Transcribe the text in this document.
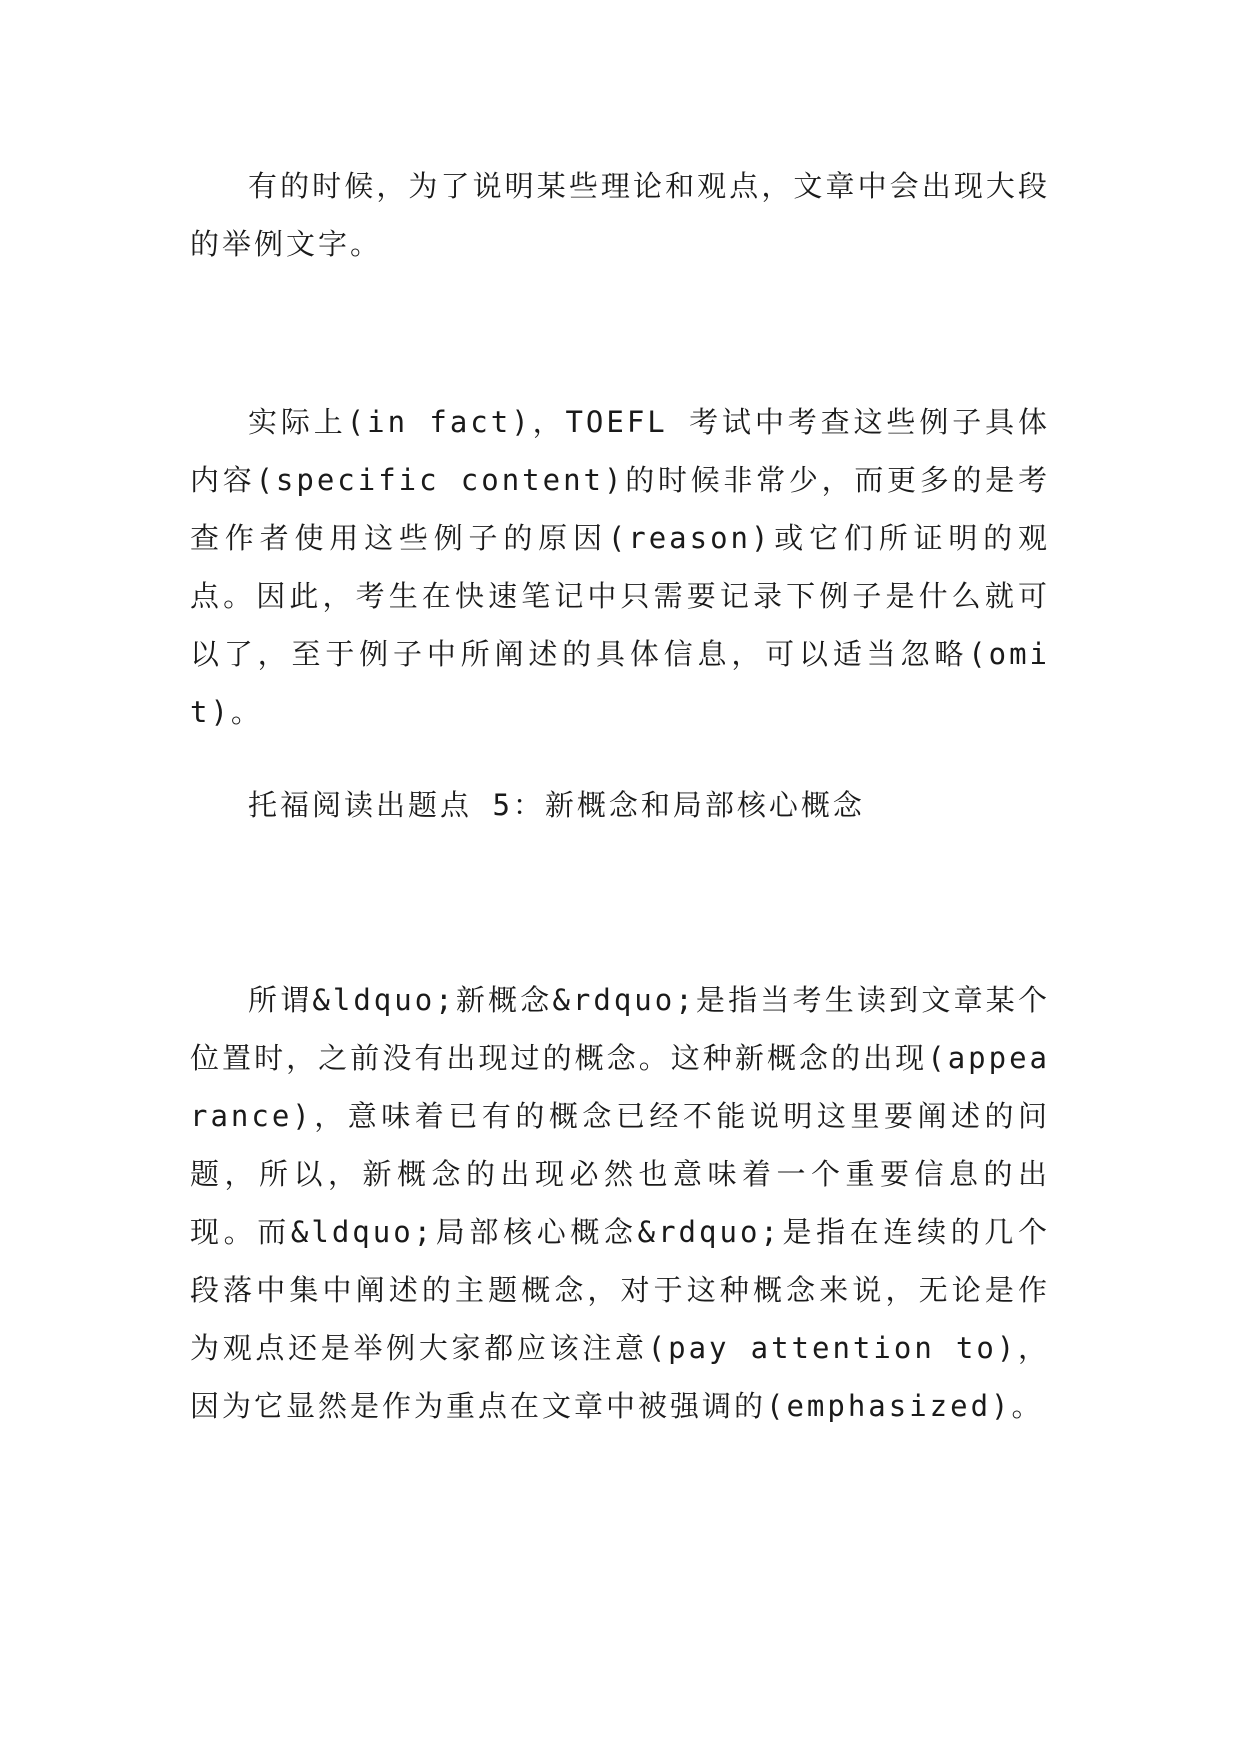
有的时候，为了说明某些理论和观点，文章中会出现大段的举例文字。

实际上(in fact)，TOEFL 考试中考查这些例子具体内容(specific content)的时候非常少，而更多的是考查作者使用这些例子的原因(reason)或它们所证明的观点。因此，考生在快速笔记中只需要记录下例子是什么就可以了，至于例子中所阐述的具体信息，可以适当忽略(omit)。

托福阅读出题点 5：新概念和局部核心概念

所谓&ldquo;新概念&rdquo;是指当考生读到文章某个位置时，之前没有出现过的概念。这种新概念的出现(appearance)，意味着已有的概念已经不能说明这里要阐述的问题，所以，新概念的出现必然也意味着一个重要信息的出现。而&ldquo;局部核心概念&rdquo;是指在连续的几个段落中集中阐述的主题概念，对于这种概念来说，无论是作为观点还是举例大家都应该注意(pay attention to)，因为它显然是作为重点在文章中被强调的(emphasized)。
